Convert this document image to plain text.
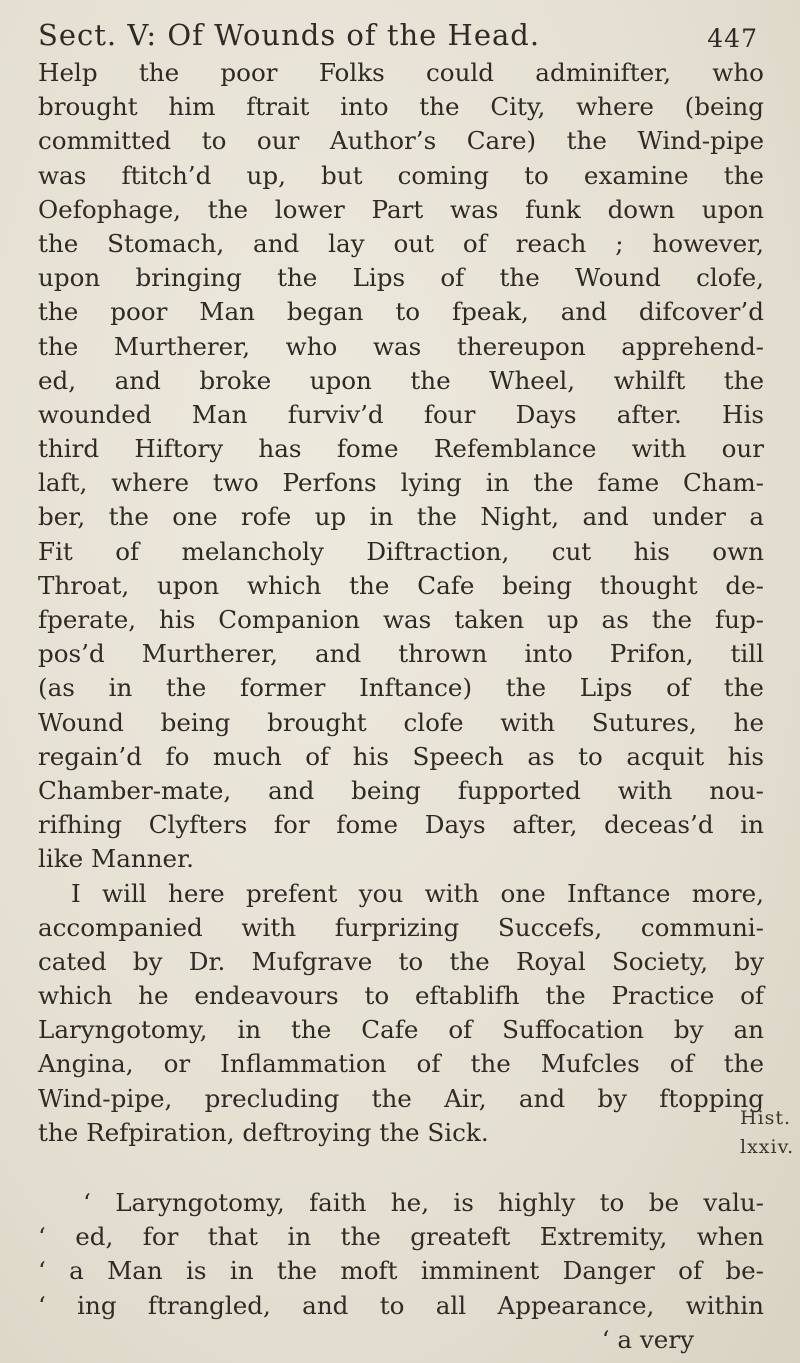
Sect. V: Of Wounds of the Head.	447
Help the poor Folks could adminifter, who
brought him ftrait into the City, where (being
committed to our Author’s Care) the Wind-pipe
was ftitch’d up, but coming to examine the
Oefophage, the lower Part was funk down upon
the Stomach, and lay out of reach ; however,
upon bringing the Lips of the Wound clofe,
the poor Man began to fpeak, and difcover’d
the Murtherer, who was thereupon apprehend-
ed, and broke upon the Wheel, whilft the
wounded Man furviv’d four Days after. His
third Hiftory has fome Refemblance with our
laft, where two Perfons lying in the fame Cham-
ber, the one rofe up in the Night, and under a
Fit of melancholy Diftraction, cut his own
Throat, upon which the Cafe being thought de-
fperate, his Companion was taken up as the fup-
pos’d Murtherer, and thrown into Prifon, till
(as in the former Inftance) the Lips of the
Wound being brought clofe with Sutures, he
regain’d fo much of his Speech as to acquit his
Chamber-mate, and being fupported with nou-
rifhing Clyfters for fome Days after, deceas’d in
like Manner.
I will here prefent you with one Inftance more,
accompanied with furprizing Succefs, communi-
cated by Dr. Mufgrave to the Royal Society, by
which he endeavours to eftablifh the Practice of
Laryngotomy, in the Cafe of Suffocation by an
Angina, or Inflammation of the Mufcles of the
Wind-pipe, precluding the Air, and by ftopping
the Refpiration, deftroying the Sick.
‘ Laryngotomy, faith he, is highly to be valu-
‘ ed, for that in the greateft Extremity, when
‘ a Man is in the moft imminent Danger of be-
‘ ing ftrangled, and to all Appearance, within
‘ a very
Hist.
lxxiv.
